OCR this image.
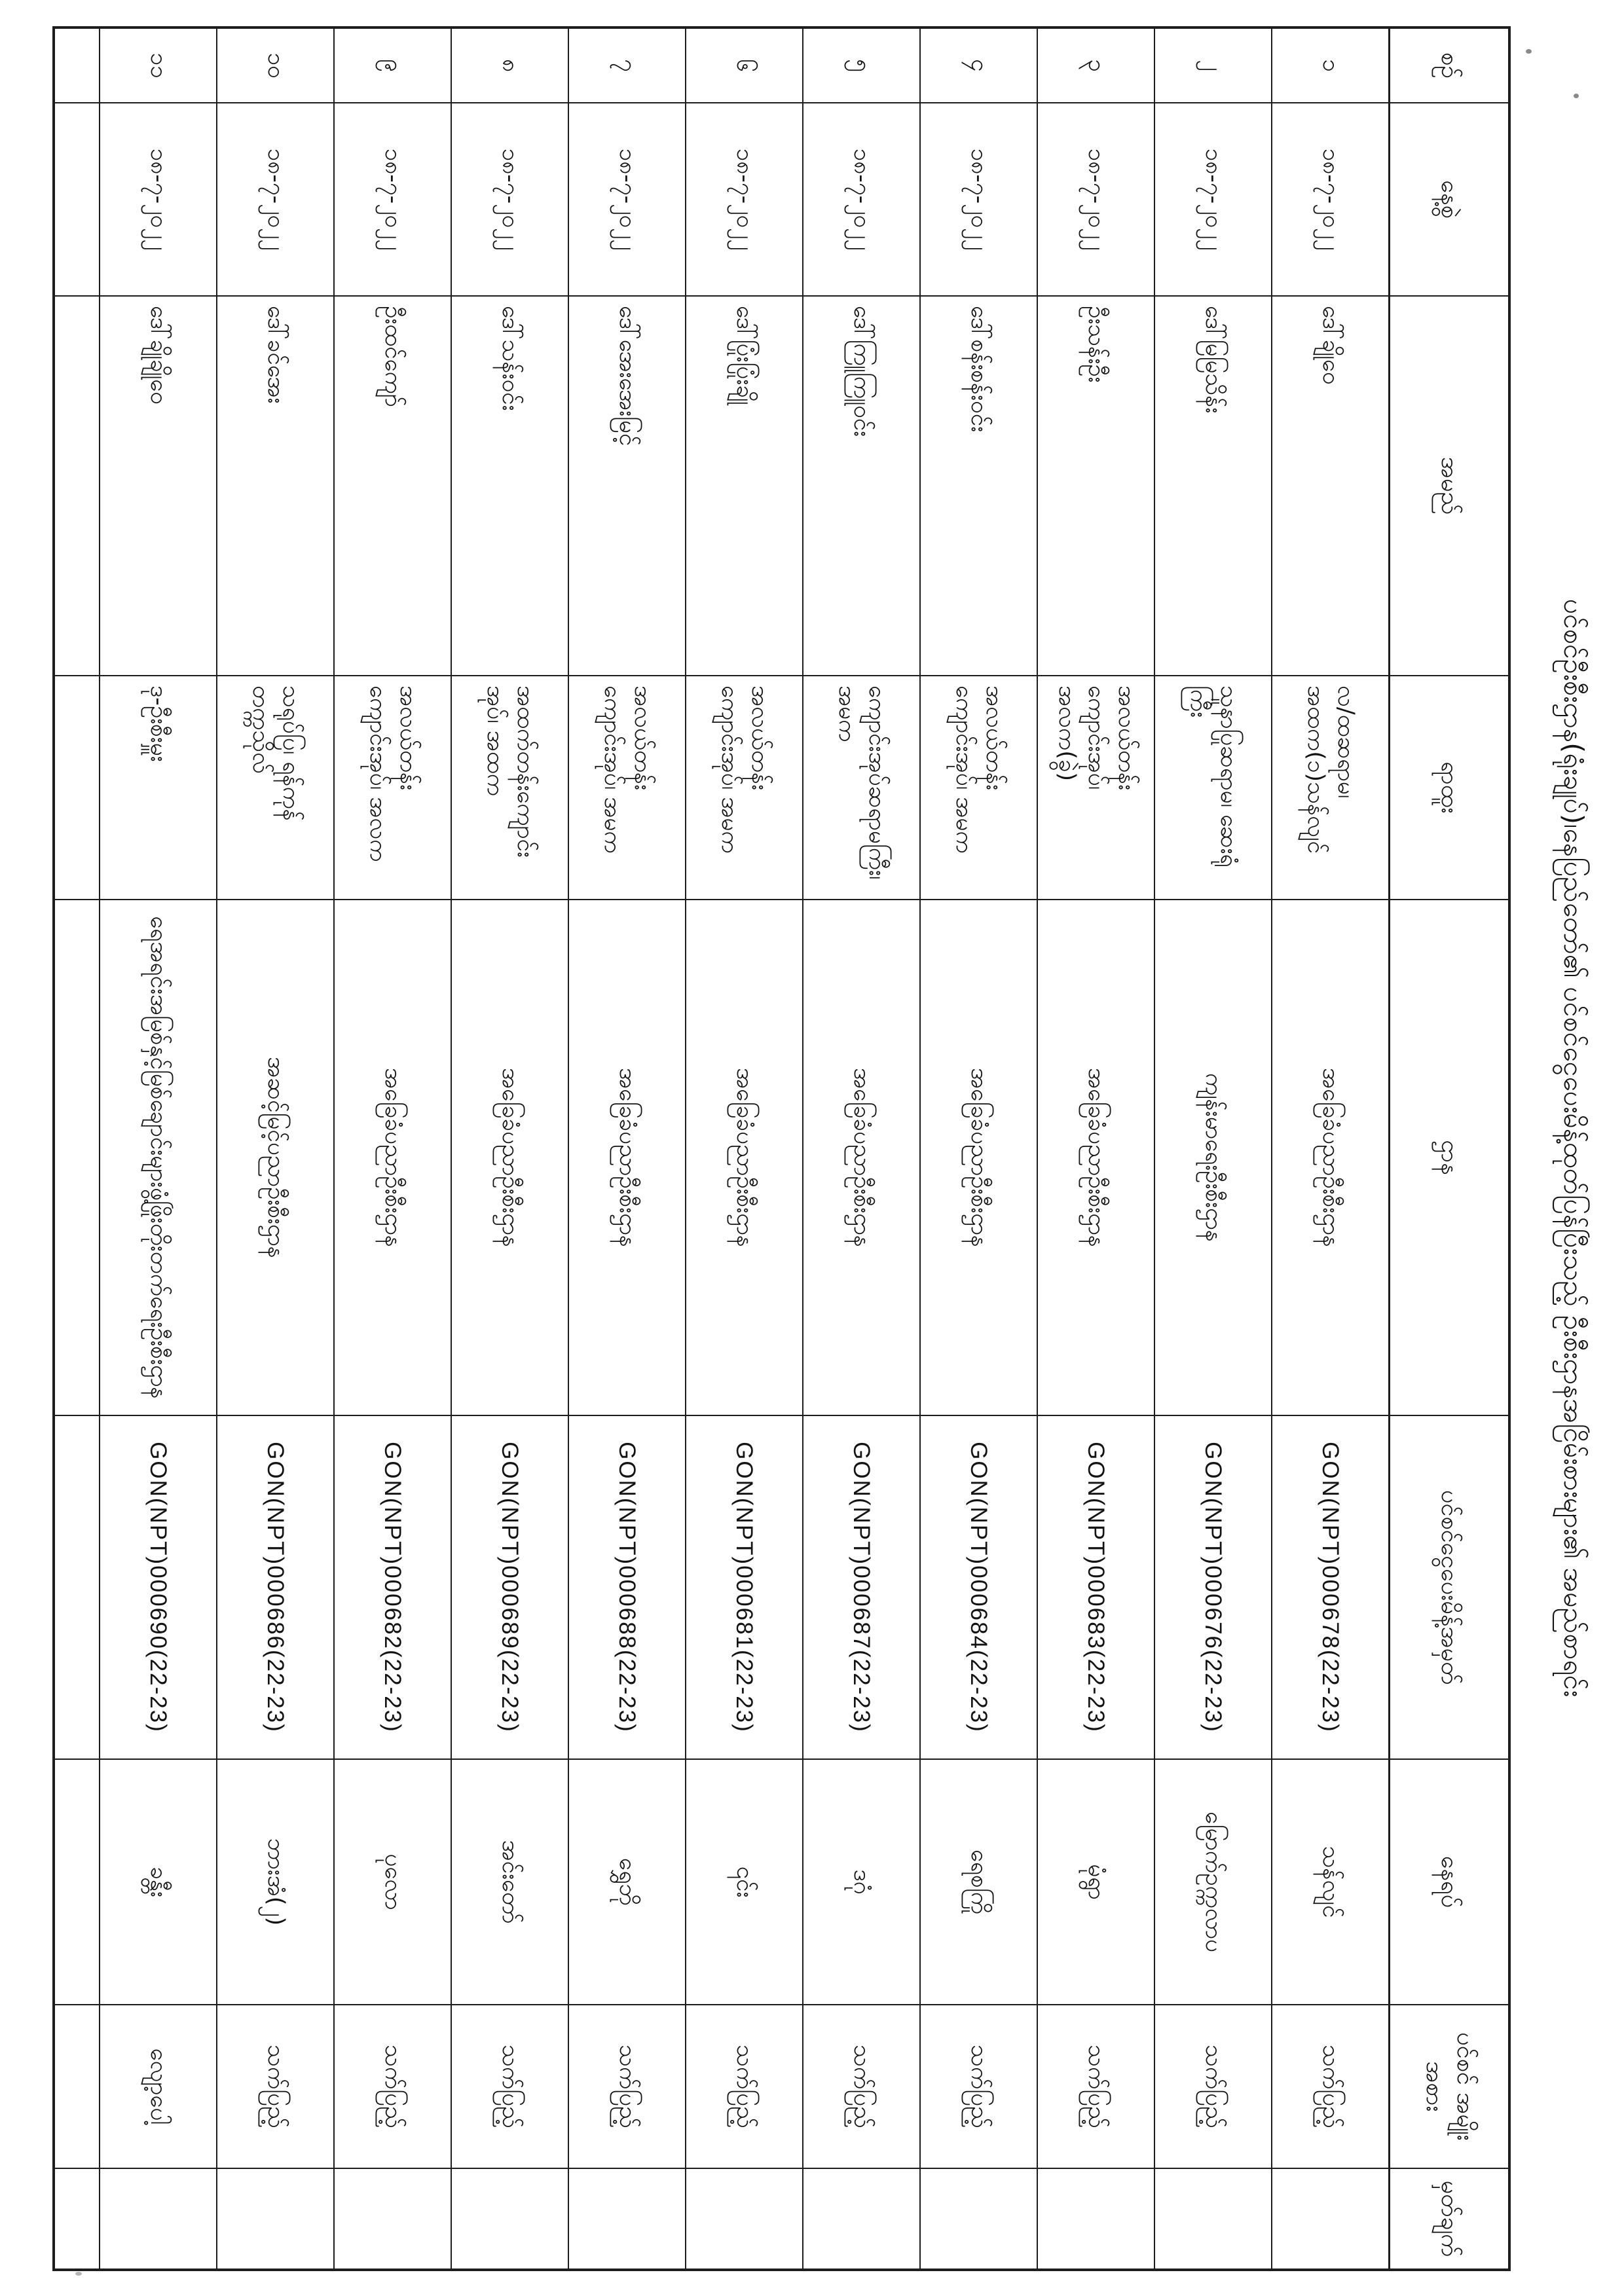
ပင်စင်ဦးစီးဌာန(ရုံးချုပ်)၊နေပြည်တော်၏ ပင်စင်ငွေပေးမိန့်ထုတ်ပြန်ပြီးသည့် ဦးစီးဌာနအငြိမ်းစားများ၏ အမည်စာရင်း
စဉ်	နေ့စွဲ	အမည်	ရာထူး	ဌာန	ပင်စင်ငွေပေးမိန့်အမှတ်	နေရပ်	ပင်စင် အမျိုးအစား	မှတ်ချက်
၁	၁၈-၇-၂၀၂၂	ဒေါ်ချိုဝေ	လ/ထဆရာမ၊ အထက(၁)သန်လျင်	အခြေခံပညာဦးစီးဌာန	GON(NPT)000678(22-23)	သန်လျင်	သက်ပြည့်	
၂	၁၈-၇-၂၀၂၂	ဒေါ်မြမြသိန်း	သူနာပြုဆရာမ၊ ဆေးရုံကြီး	ကျန်းမာရေးဦးစီးဌာန	GON(NPT)000676(22-23)	မြောက်ဥက္ကလာပ	သက်ပြည့်	
၃	၁၈-၇-၂၀၂၂	ဦးသန်းဦး	အလယ်တန်းကျောင်းအုပ်၊ အလက(ခွဲ)	အခြေခံပညာဦးစီးဌာန	GON(NPT)000683(22-23)	မုံရွာ	သက်ပြည့်	
၄	၁၈-၇-၂၀၂၂	ဒေါ်စန်းစန်းဝင်း	အလယ်တန်းကျောင်းအုပ်၊ အမက	အခြေခံပညာဦးစီးဌာန	GON(NPT)000684(22-23)	ရေစကြို	သက်ပြည့်	
၅	၁၈-၇-၂၀၂၂	ဒေါ်ကြူကြူဝင်း	ကျောင်းအုပ်ဆရာမကြီး၊ အမက	အခြေခံပညာဦးစီးဌာန	GON(NPT)000687(22-23)	ဒဂုံ	သက်ပြည့်	
၆	၁၈-၇-၂၀၂၂	ဒေါ်ပြုံးပြုံးချို	အလယ်တန်းကျောင်းအုပ်၊ အမက	အခြေခံပညာဦးစီးဌာန	GON(NPT)000681(22-23)	၎င်း	သက်ပြည့်	
၇	၁၈-၇-၂၀၂၂	ဒေါ်အေးအေးမြင့်	အလယ်တန်းကျောင်းအုပ်၊ အမက	အခြေခံပညာဦးစီးဌာန	GON(NPT)000688(22-23)	ရွှေဘို	သက်ပြည့်	
၈	၁၈-၇-၂၀၂၂	ဒေါ်သန်းဝင်း	အထက်တန်းကျောင်းအုပ်၊ အထက	အခြေခံပညာဦးစီးဌာန	GON(NPT)000689(22-23)	အင်းတော်	သက်ပြည့်	
၉	၁၈-၇-၂၀၂၂	ဦးထင်ကျော်	အလယ်တန်းကျောင်းအုပ်၊ အလက	အခြေခံပညာဦးစီးဌာန	GON(NPT)000682(22-23)	ပုလော	သက်ပြည့်	
၁၀	၁၈-၇-၂၀၂၂	ဒေါ်ခင်အေး	သရုပ်ပြ၊ ရန်ကုန်တက္ကသိုလ်	အဆင့်မြင့်ပညာဦးစီးဌာန	GON(NPT)000686(22-23)	ဘားအံ(၂)	သက်ပြည့်	
၁၁	၁၈-၇-၂၀၂၂	ဒေါ်ချိုချိုဝေ	ဒု-ဦးစီးမှူး	ရေအရင်းအမြစ်နှင့်မြစ်ချောင်းများဖွံ့ဖြိုးတိုးတက်ရေးဦးစီးဌာန	GON(NPT)000690(22-23)	ခန္တီး	လျော့ပေါ့	
